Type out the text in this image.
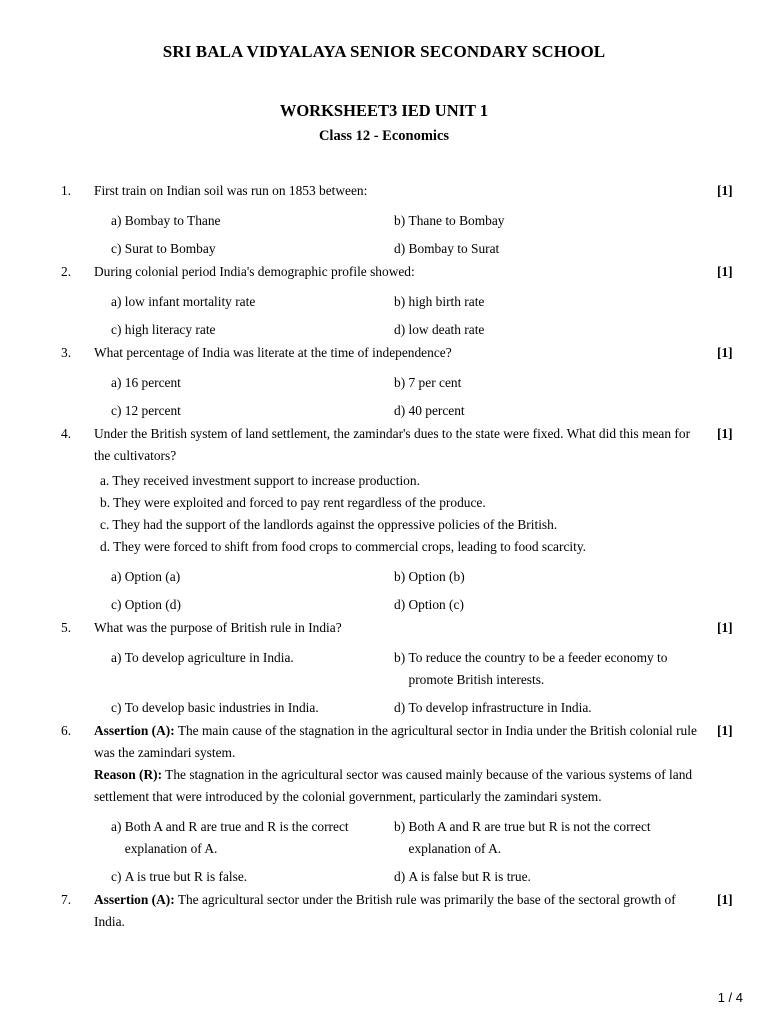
SRI BALA VIDYALAYA SENIOR SECONDARY SCHOOL
WORKSHEET3 IED UNIT 1
Class 12 - Economics
1.	[1]
First train on Indian soil was run on 1853 between:
a) Bombay to Thane	b) Thane to Bombay
c) Surat to Bombay	d) Bombay to Surat
2.	[1]
During colonial period India's demographic profile showed:
a) low infant mortality rate	b) high birth rate
c) high literacy rate	d) low death rate
3.	[1]
What percentage of India was literate at the time of independence?
a) 16 percent	b) 7 per cent
c) 12 percent	d) 40 percent
4.	[1]
Under the British system of land settlement, the zamindar's dues to the state were fixed. What did this mean for the cultivators?
a. They received investment support to increase production.
b. They were exploited and forced to pay rent regardless of the produce.
c. They had the support of the landlords against the oppressive policies of the British.
d. They were forced to shift from food crops to commercial crops, leading to food scarcity.
a) Option (a)	b) Option (b)
c) Option (d)	d) Option (c)
5.	[1]
What was the purpose of British rule in India?
a) To develop agriculture in India.	b) To reduce the country to be a feeder economy to promote British interests.
c) To develop basic industries in India.	d) To develop infrastructure in India.
6.	[1]
Assertion (A): The main cause of the stagnation in the agricultural sector in India under the British colonial rule was the zamindari system.
Reason (R): The stagnation in the agricultural sector was caused mainly because of the various systems of land settlement that were introduced by the colonial government, particularly the zamindari system.
a) Both A and R are true and R is the correct explanation of A.
b) Both A and R are true but R is not the correct explanation of A.
c) A is true but R is false.	d) A is false but R is true.
7.	[1]
Assertion (A): The agricultural sector under the British rule was primarily the base of the sectoral growth of India.
1 / 4
